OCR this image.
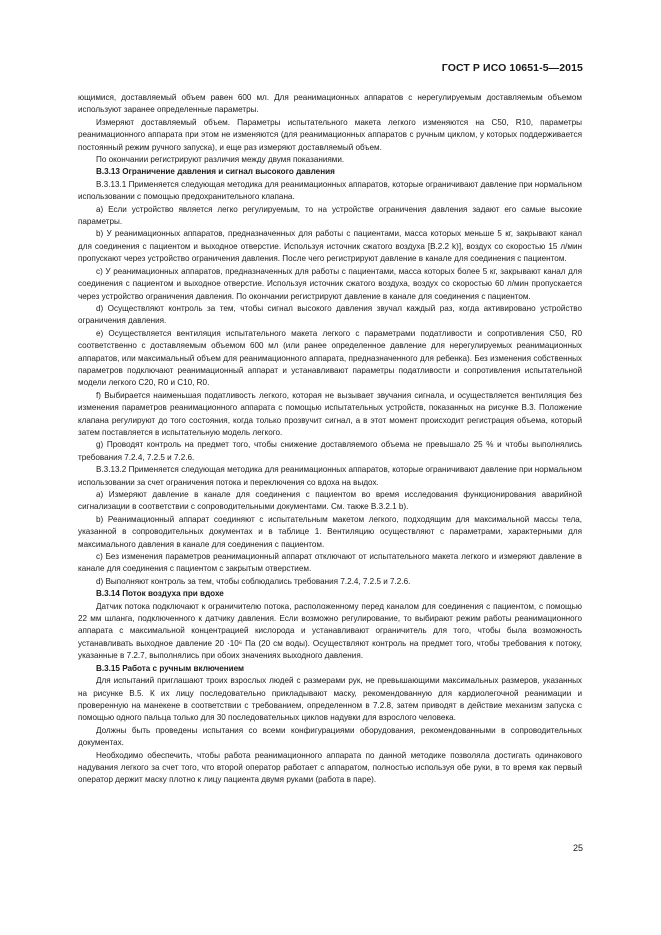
ГОСТ Р ИСО 10651-5—2015

ющимися, доставляемый объем равен 600 мл. Для реанимационных аппаратов с нерегулируемым доставляемым объемом используют заранее определенные параметры.

Измеряют доставляемый объем. Параметры испытательного макета легкого изменяются на C50, R10, параметры реанимационного аппарата при этом не изменяются (для реанимационных аппаратов с ручным циклом, у которых поддерживается постоянный режим ручного запуска), и еще раз измеряют доставляемый объем.

По окончании регистрируют различия между двумя показаниями.

В.3.13 Ограничение давления и сигнал высокого давления

В.3.13.1 Применяется следующая методика для реанимационных аппаратов, которые ограничивают давление при нормальном использовании с помощью предохранительного клапана.

а) Если устройство является легко регулируемым, то на устройстве ограничения давления задают его самые высокие параметры.

b) У реанимационных аппаратов, предназначенных для работы с пациентами, масса которых меньше 5 кг, закрывают канал для соединения с пациентом и выходное отверстие. Используя источник сжатого воздуха [В.2.2 k)], воздух со скоростью 15 л/мин пропускают через устройство ограничения давления. После чего регистрируют давление в канале для соединения с пациентом.

с) У реанимационных аппаратов, предназначенных для работы с пациентами, масса которых более 5 кг, закрывают канал для соединения с пациентом и выходное отверстие. Используя источник сжатого воздуха, воздух со скоростью 60 л/мин пропускается через устройство ограничения давления. По окончании регистрируют давление в канале для соединения с пациентом.

d) Осуществляют контроль за тем, чтобы сигнал высокого давления звучал каждый раз, когда активировано устройство ограничения давления.

е) Осуществляется вентиляция испытательного макета легкого с параметрами податливости и сопротивления C50, R0 соответственно с доставляемым объемом 600 мл (или ранее определенное давление для нерегулируемых реанимационных аппаратов, или максимальный объем для реанимационного аппарата, предназначенного для ребенка). Без изменения собственных параметров подключают реанимационный аппарат и устанавливают параметры податливости и сопротивления испытательной модели легкого C20, R0 и C10, R0.

f) Выбирается наименьшая податливость легкого, которая не вызывает звучания сигнала, и осуществляется вентиляция без изменения параметров реанимационного аппарата с помощью испытательных устройств, показанных на рисунке В.3. Положение клапана регулируют до того состояния, когда только прозвучит сигнал, а в этот момент происходит регистрация объема, который затем поставляется в испытательную модель легкого.

g) Проводят контроль на предмет того, чтобы снижение доставляемого объема не превышало 25 % и чтобы выполнялись требования 7.2.4, 7.2.5 и 7.2.6.

В.3.13.2 Применяется следующая методика для реанимационных аппаратов, которые ограничивают давление при нормальном использовании за счет ограничения потока и переключения со вдоха на выдох.

а) Измеряют давление в канале для соединения с пациентом во время исследования функционирования аварийной сигнализации в соответствии с сопроводительными документами. См. также В.3.2.1 b).

b) Реанимационный аппарат соединяют с испытательным макетом легкого, подходящим для максимальной массы тела, указанной в сопроводительных документах и в таблице 1. Вентиляцию осуществляют с параметрами, характерными для максимального давления в канале для соединения с пациентом.

с) Без изменения параметров реанимационный аппарат отключают от испытательного макета легкого и измеряют давление в канале для соединения с пациентом с закрытым отверстием.

d) Выполняют контроль за тем, чтобы соблюдались требования 7.2.4, 7.2.5 и 7.2.6.

В.3.14 Поток воздуха при вдохе

Датчик потока подключают к ограничителю потока, расположенному перед каналом для соединения с пациентом, с помощью 22 мм шланга, подключенного к датчику давления. Если возможно регулирование, то выбирают режим работы реанимационного аппарата с максимальной концентрацией кислорода и устанавливают ограничитель для того, чтобы была возможность устанавливать выходное давление 20 ·10⁶ Па (20 см воды). Осуществляют контроль на предмет того, чтобы требования к потоку, указанные в 7.2.7, выполнялись при обоих значениях выходного давления.

В.3.15 Работа с ручным включением

Для испытаний приглашают троих взрослых людей с размерами рук, не превышающими максимальных размеров, указанных на рисунке В.5. К их лицу последовательно прикладывают маску, рекомендованную для кардиолегочной реанимации и проверенную на манекене в соответствии с требованием, определенном в 7.2.8, затем приводят в действие механизм запуска с помощью одного пальца только для 30 последовательных циклов надувки для взрослого человека.

Должны быть проведены испытания со всеми конфигурациями оборудования, рекомендованными в сопроводительных документах.

Необходимо обеспечить, чтобы работа реанимационного аппарата по данной методике позволяла достигать одинакового надувания легкого за счет того, что второй оператор работает с аппаратом, полностью используя обе руки, в то время как первый оператор держит маску плотно к лицу пациента двумя руками (работа в паре).

25
